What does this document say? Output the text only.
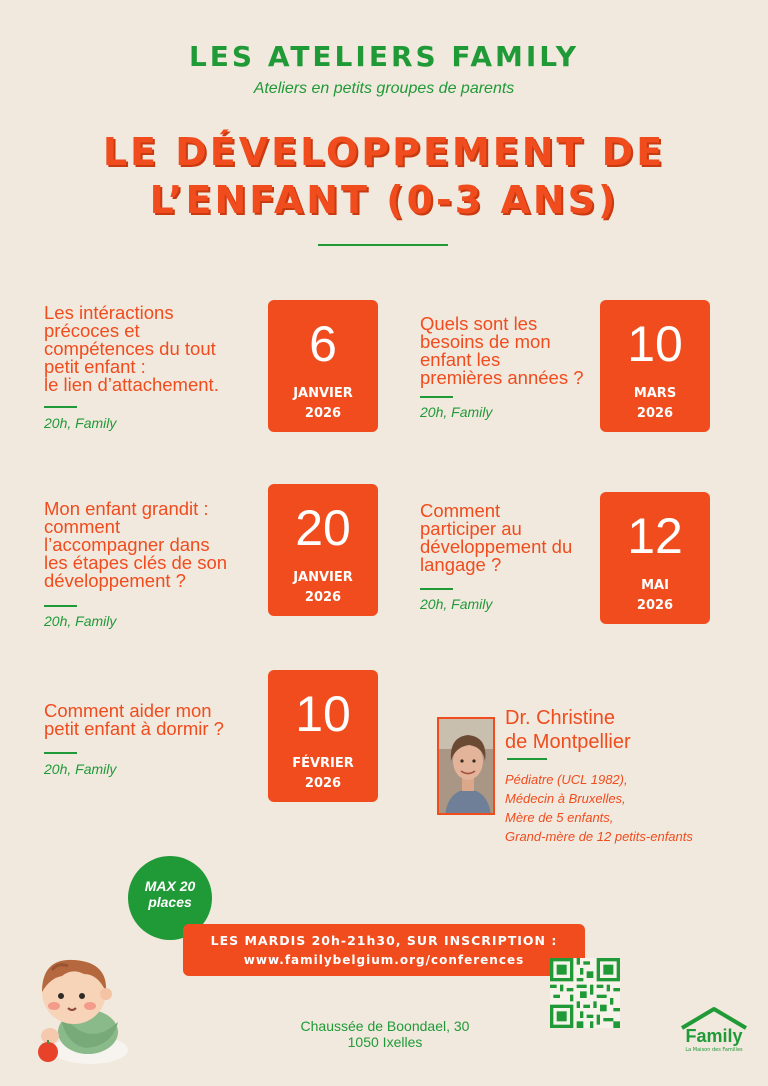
LES ATELIERS FAMILY
Ateliers en petits groupes de parents
LE DÉVELOPPEMENT DE
L’ENFANT (0-3 ANS)
Les intéractions
précoces et
compétences du tout
petit enfant :
le lien d’attachement.
20h, Family
6
JANVIER
2026
Quels sont les
besoins de mon
enfant les
premières années ?
20h, Family
10
MARS
2026
Mon enfant grandit :
comment
l’accompagner dans
les étapes clés de son
développement ?
20h, Family
20
JANVIER
2026
Comment
participer au
développement du
langage ?
20h, Family
12
MAI
2026
Comment aider mon
petit enfant à dormir ?
20h, Family
10
FÉVRIER
2026
Dr. Christine
de Montpellier
Pédiatre (UCL 1982),
Médecin à Bruxelles,
Mère de 5 enfants,
Grand-mère de 12 petits-enfants
MAX 20
places
LES MARDIS 20h-21h30, SUR INSCRIPTION :
www.familybelgium.org/conferences
Chaussée de Boondael, 30
1050 Ixelles	Family
La Maison des Familles
